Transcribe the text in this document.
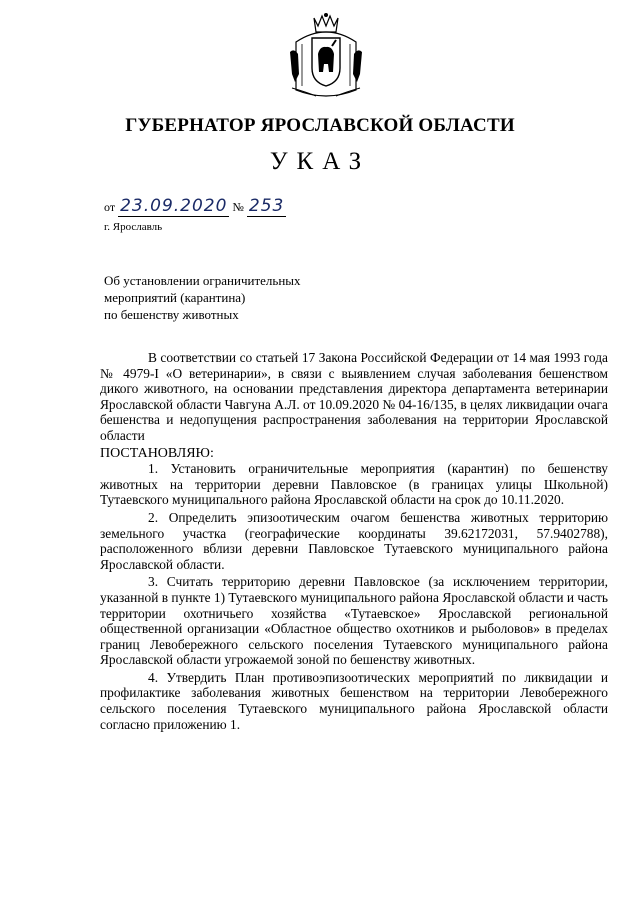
ГУБЕРНАТОР ЯРОСЛАВСКОЙ ОБЛАСТИ
УКАЗ
от 23.09.2020 № 253
г. Ярославль
Об установлении ограничительных
мероприятий (карантина)
по бешенству животных

В соответствии со статьей 17 Закона Российской Федерации от 14 мая 1993 года № 4979-I «О ветеринарии», в связи с выявлением случая заболевания бешенством дикого животного, на основании представления директора департамента ветеринарии Ярославской области Чавгуна А.Л. от 10.09.2020 № 04-16/135, в целях ликвидации очага бешенства и недопущения распространения заболевания на территории Ярославской области

ПОСТАНОВЛЯЮ:

1. Установить ограничительные мероприятия (карантин) по бешенству животных на территории деревни Павловское (в границах улицы Школьной) Тутаевского муниципального района Ярославской области на срок до 10.11.2020.

2. Определить эпизоотическим очагом бешенства животных территорию земельного участка (географические координаты 39.62172031, 57.9402788), расположенного вблизи деревни Павловское Тутаевского муниципального района Ярославской области.

3. Считать территорию деревни Павловское (за исключением территории, указанной в пункте 1) Тутаевского муниципального района Ярославской области и часть территории охотничьего хозяйства «Тутаевское» Ярославской региональной общественной организации «Областное общество охотников и рыболовов» в пределах границ Левобережного сельского поселения Тутаевского муниципального района Ярославской области угрожаемой зоной по бешенству животных.

4. Утвердить План противоэпизоотических мероприятий по ликвидации и профилактике заболевания животных бешенством на территории Левобережного сельского поселения Тутаевского муниципального района Ярославской области согласно приложению 1.
